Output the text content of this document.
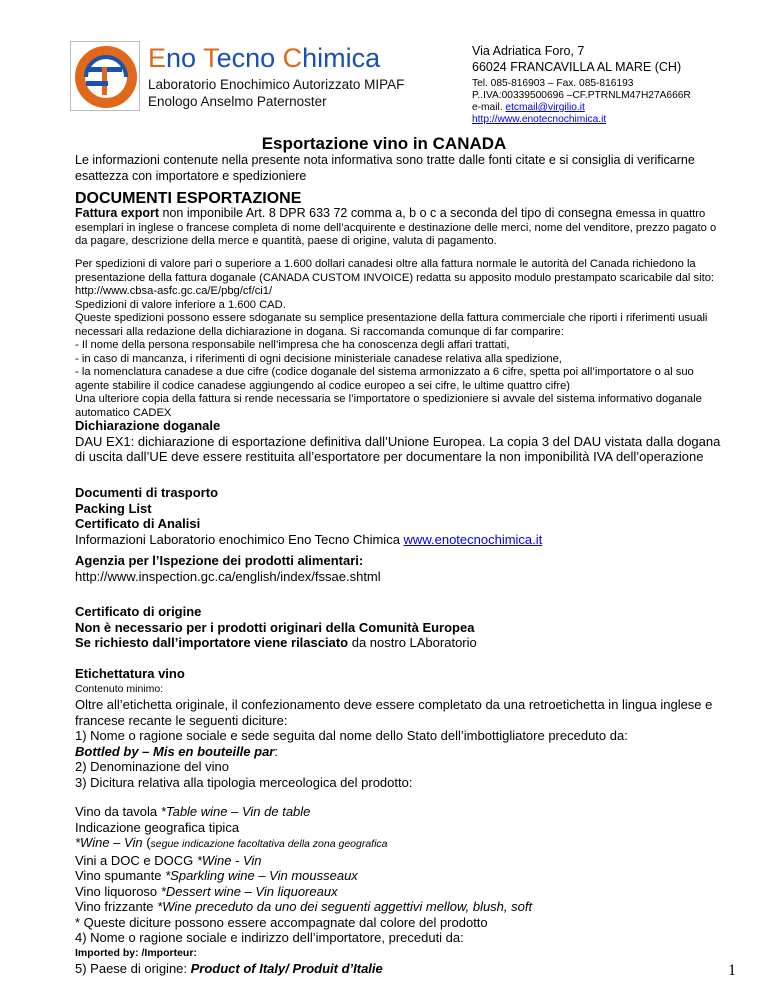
Eno Tecno Chimica
Laboratorio Enochimico Autorizzato MIPAF
Enologo Anselmo Paternoster
Via Adriatica Foro, 7
66024 FRANCAVILLA AL MARE (CH)
Tel. 085-816903 – Fax. 085-816193
P..IVA:00339500696 –CF.PTRNLM47H27A666R
e-mail. etcmail@virgilio.it
http://www.enotecnochimica.it
Esportazione vino in CANADA
Le informazioni contenute nella presente nota informativa sono tratte dalle fonti citate e si consiglia di verificarne esattezza con importatore e spedizioniere
DOCUMENTI ESPORTAZIONE
Fattura export non imponibile Art. 8 DPR 633 72 comma a, b o c a seconda del tipo di consegna emessa in quattro esemplari in inglese o francese completa di nome dell’acquirente e destinazione delle merci, nome del venditore, prezzo pagato o da pagare, descrizione della merce e quantità, paese di origine, valuta di pagamento.
Per spedizioni di valore pari o superiore a 1.600 dollari canadesi oltre alla fattura normale le autorità del Canada richiedono la presentazione della fattura doganale (CANADA CUSTOM INVOICE) redatta su apposito modulo prestampato scaricabile dal sito: http://www.cbsa-asfc.gc.ca/E/pbg/cf/ci1/
Spedizioni di valore inferiore a 1.600 CAD.
Queste spedizioni possono essere sdoganate su semplice presentazione della fattura commerciale che riporti i riferimenti usuali necessari alla redazione della dichiarazione in dogana. Si raccomanda comunque di far comparire:
- Il nome della persona responsabile nell’impresa che ha conoscenza degli affari trattati,
- in caso di mancanza, i riferimenti di ogni decisione ministeriale canadese relativa alla spedizione,
- la nomenclatura canadese a due cifre (codice doganale del sistema armonizzato a 6 cifre, spetta poi all’importatore o al suo agente stabilire il codice canadese aggiungendo al codice europeo a sei cifre, le ultime quattro cifre)
Una ulteriore copia della fattura si rende necessaria se l’importatore o spedizioniere si avvale del sistema informativo doganale automatico CADEX
Dichiarazione doganale
DAU EX1: dichiarazione di esportazione definitiva dall’Unione Europea. La copia 3 del DAU vistata dalla dogana di uscita dall’UE deve essere restituita all’esportatore per documentare la non imponibilità IVA dell’operazione
Documenti di trasporto
Packing List
Certificato di Analisi
Informazioni Laboratorio enochimico Eno Tecno Chimica www.enotecnochimica.it
Agenzia per l’Ispezione dei prodotti alimentari:
http://www.inspection.gc.ca/english/index/fssae.shtml
Certificato di origine
Non è necessario per i prodotti originari della Comunità Europea
Se richiesto dall’importatore viene rilasciato da nostro LAboratorio
Etichettatura vino
Contenuto minimo:
Oltre all’etichetta originale, il confezionamento deve essere completato da una retroetichetta in lingua inglese e francese recante le seguenti diciture:
1) Nome o ragione sociale e sede seguita dal nome dello Stato dell’imbottigliatore preceduto da:
Bottled by – Mis en bouteille par:
2) Denominazione del vino
3) Dicitura relativa alla tipologia merceologica del prodotto:
Vino da tavola *Table wine – Vin de table
Indicazione geografica tipica
*Wine – Vin (segue indicazione facoltativa della zona geografica
Vini a DOC e DOCG *Wine - Vin
Vino spumante *Sparkling wine – Vin mousseaux
Vino liquoroso *Dessert wine – Vin liquoreaux
Vino frizzante *Wine preceduto da uno dei seguenti aggettivi mellow, blush, soft
* Queste diciture possono essere accompagnate dal colore del prodotto
4) Nome o ragione sociale e indirizzo dell’importatore, preceduti da:
Imported by: /Importeur:
5) Paese di origine: Product of Italy/ Produit d’Italie	1
